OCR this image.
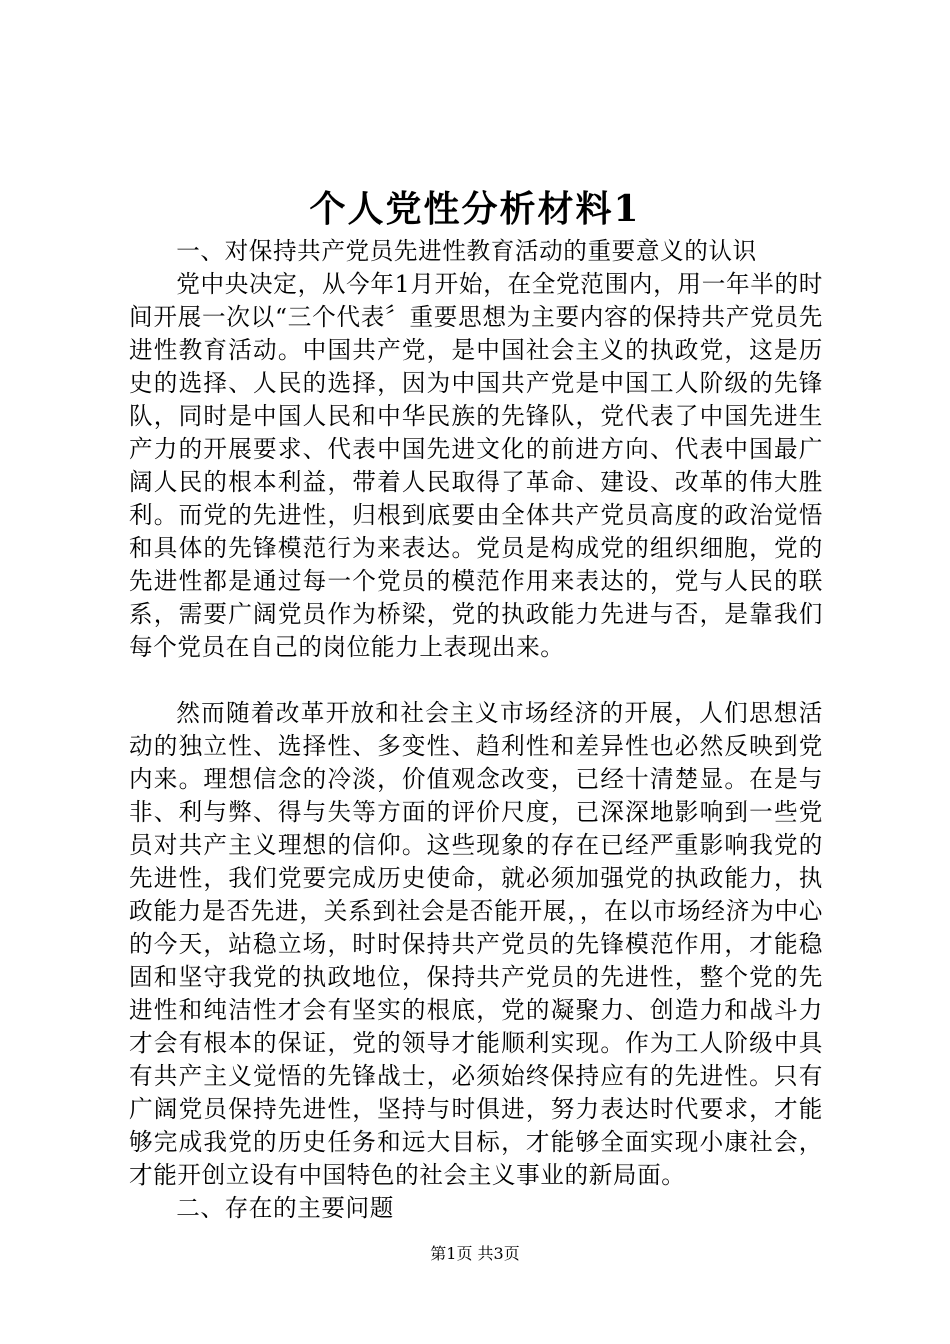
个人党性分析材料1

一、对保持共产党员先进性教育活动的重要意义的认识

党中央决定，从今年1月开始，在全党范围内，用一年半的时间开展一次以“三个代表〞重要思想为主要内容的保持共产党员先进性教育活动。中国共产党，是中国社会主义的执政党，这是历史的选择、人民的选择，因为中国共产党是中国工人阶级的先锋队，同时是中国人民和中华民族的先锋队，党代表了中国先进生产力的开展要求、代表中国先进文化的前进方向、代表中国最广阔人民的根本利益，带着人民取得了革命、建设、改革的伟大胜利。而党的先进性，归根到底要由全体共产党员高度的政治觉悟和具体的先锋模范行为来表达。党员是构成党的组织细胞，党的先进性都是通过每一个党员的模范作用来表达的，党与人民的联系，需要广阔党员作为桥梁，党的执政能力先进与否，是靠我们每个党员在自己的岗位能力上表现出来。

然而随着改革开放和社会主义市场经济的开展，人们思想活动的独立性、选择性、多变性、趋利性和差异性也必然反映到党内来。理想信念的冷淡，价值观念改变，已经十清楚显。在是与非、利与弊、得与失等方面的评价尺度，已深深地影响到一些党员对共产主义理想的信仰。这些现象的存在已经严重影响我党的先进性，我们党要完成历史使命，就必须加强党的执政能力，执政能力是否先进，关系到社会是否能开展，，在以市场经济为中心的今天，站稳立场，时时保持共产党员的先锋模范作用，才能稳固和坚守我党的执政地位，保持共产党员的先进性，整个党的先进性和纯洁性才会有坚实的根底，党的凝聚力、创造力和战斗力才会有根本的保证，党的领导才能顺利实现。作为工人阶级中具有共产主义觉悟的先锋战士，必须始终保持应有的先进性。只有广阔党员保持先进性，坚持与时俱进，努力表达时代要求，才能够完成我党的历史任务和远大目标，才能够全面实现小康社会，才能开创立设有中国特色的社会主义事业的新局面。

二、存在的主要问题

第1页 共3页
